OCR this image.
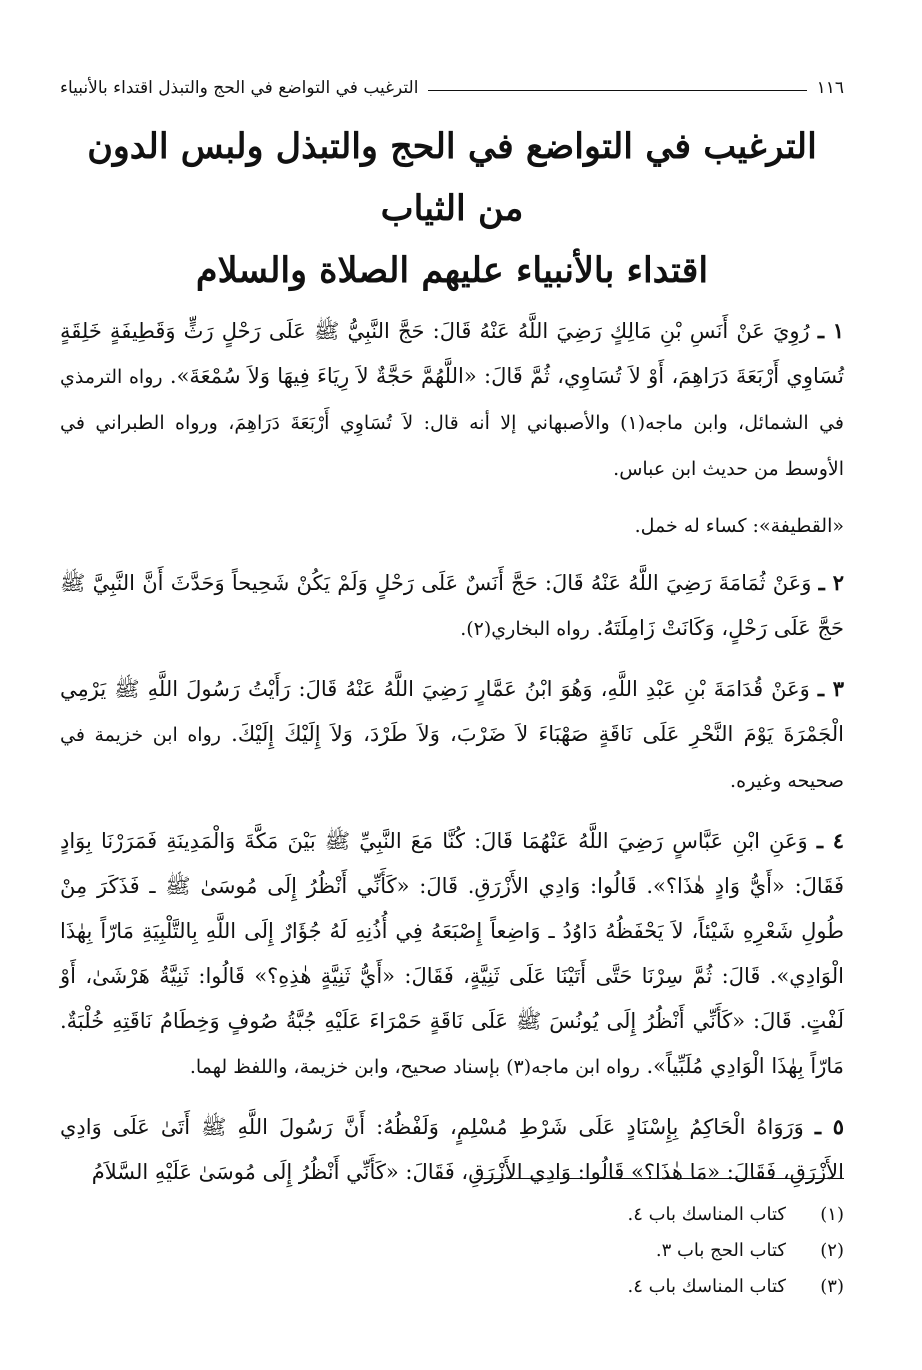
١١٦
الترغيب في التواضع في الحج والتبذل اقتداء بالأنبياء
الترغيب في التواضع في الحج والتبذل ولبس الدون من الثياب
اقتداء بالأنبياء عليهم الصلاة والسلام

١ ـ رُوِيَ عَنْ أَنَسِ بْنِ مَالِكٍ رَضِيَ اللَّهُ عَنْهُ قَالَ: حَجَّ النَّبِيُّ ﷺ عَلَى رَحْلٍ رَثٍّ وَقَطِيفَةٍ خَلِقَةٍ تُسَاوِي أَرْبَعَةَ دَرَاهِمَ، أَوْ لاَ تُسَاوِي، ثُمَّ قَالَ: «اللَّهُمَّ حَجَّةٌ لاَ رِيَاءَ فِيهَا وَلاَ سُمْعَةَ». رواه الترمذي في الشمائل، وابن ماجه(١) والأصبهاني إلا أنه قال: لاَ تُسَاوِي أَرْبَعَةَ دَرَاهِمَ، ورواه الطبراني في الأوسط من حديث ابن عباس.

«القطيفة»: كساء له خمل.

٢ ـ وَعَنْ ثُمَامَةَ رَضِيَ اللَّهُ عَنْهُ قَالَ: حَجَّ أَنَسٌ عَلَى رَحْلٍ وَلَمْ يَكُنْ شَحِيحاً وَحَدَّثَ أَنَّ النَّبِيَّ ﷺ حَجَّ عَلَى رَحْلٍ، وَكَانَتْ زَامِلَتَهُ. رواه البخاري(٢).

٣ ـ وَعَنْ قُدَامَةَ بْنِ عَبْدِ اللَّهِ، وَهُوَ ابْنُ عَمَّارٍ رَضِيَ اللَّهُ عَنْهُ قَالَ: رَأَيْتُ رَسُولَ اللَّهِ ﷺ يَرْمِي الْجَمْرَةَ يَوْمَ النَّحْرِ عَلَى نَاقَةٍ صَهْبَاءَ لاَ ضَرْبَ، وَلاَ طَرْدَ، وَلاَ إِلَيْكَ إِلَيْكَ. رواه ابن خزيمة في صحيحه وغيره.

٤ ـ وَعَنِ ابْنِ عَبَّاسٍ رَضِيَ اللَّهُ عَنْهُمَا قَالَ: كُنَّا مَعَ النَّبِيِّ ﷺ بَيْنَ مَكَّةَ وَالْمَدِينَةِ فَمَرَرْنَا بِوَادٍ فَقَالَ: «أَيُّ وَادٍ هٰذَا؟». قَالُوا: وَادِي الأَزْرَقِ. قَالَ: «كَأَنِّي أَنْظُرُ إِلَى مُوسَىٰ ﷺ ـ فَذَكَرَ مِنْ طُولِ شَعْرِهِ شَيْئاً، لاَ يَحْفَظُهُ دَاوُدُ ـ وَاضِعاً إِصْبَعَهُ فِي أُذُنِهِ لَهُ جُؤَارٌ إِلَى اللَّهِ بِالتَّلْبِيَةِ مَارّاً بِهٰذَا الْوَادِي». قَالَ: ثُمَّ سِرْنَا حَتَّى أَتَيْنَا عَلَى ثَنِيَّةٍ، فَقَالَ: «أَيُّ ثَنِيَّةٍ هٰذِهِ؟» قَالُوا: ثَنِيَّةُ هَرْشَىٰ، أَوْ لَفْتٍ. قَالَ: «كَأَنِّي أَنْظُرُ إِلَى يُونُسَ ﷺ عَلَى نَاقَةٍ حَمْرَاءَ عَلَيْهِ جُبَّةُ صُوفٍ وَخِطَامُ نَاقَتِهِ خُلْبَةٌ. مَارّاً بِهٰذَا الْوَادِي مُلَبِّياً». رواه ابن ماجه(٣) بإسناد صحيح، وابن خزيمة، واللفظ لهما.

٥ ـ وَرَوَاهُ الْحَاكِمُ بِإِسْنَادٍ عَلَى شَرْطِ مُسْلِمٍ، وَلَفْظُهُ: أَنَّ رَسُولَ اللَّهِ ﷺ أَتَىٰ عَلَى وَادِي الأَزْرَقِ، فَقَالَ: «مَا هٰذَا؟» قَالُوا: وَادِي الأَزْرَقِ، فَقَالَ: «كَأَنِّي أَنْظُرُ إِلَى مُوسَىٰ عَلَيْهِ السَّلاَمُ

(١)
كتاب المناسك باب ٤.
(٢)
كتاب الحج باب ٣.
(٣)
كتاب المناسك باب ٤.
